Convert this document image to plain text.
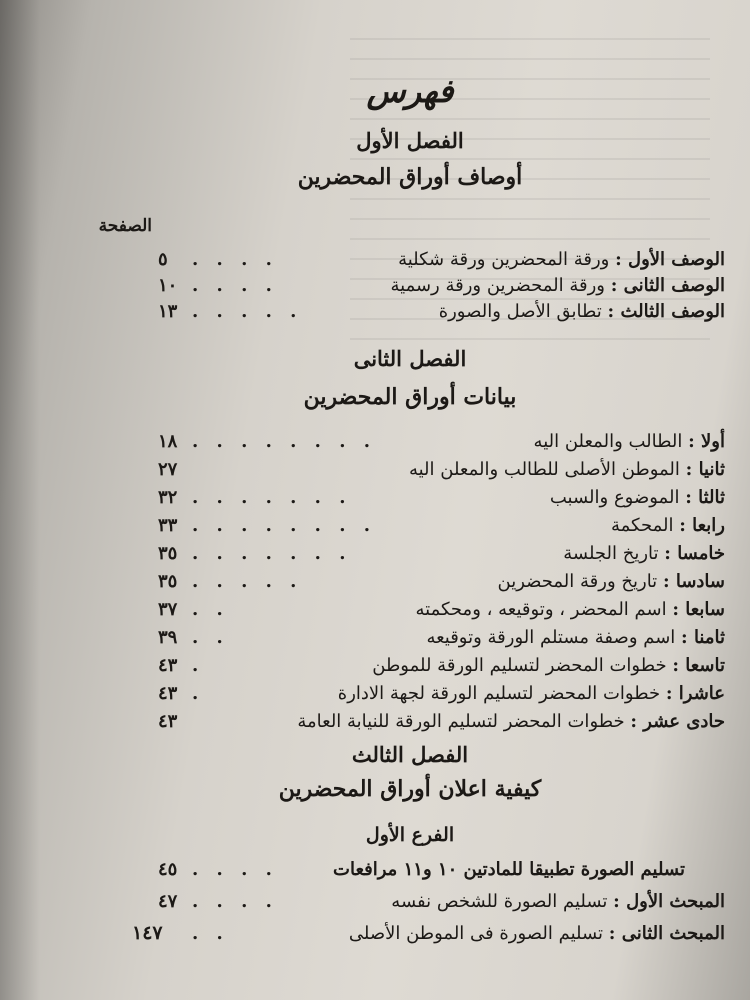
فهرس
الفصل الأول
أوصاف أوراق المحضرين
الصفحة
الوصف الأول : ورقة المحضرين ورقة شكلية
. . . .
٥
الوصف الثانى : ورقة المحضرين ورقة رسمية
. . . .
١٠
الوصف الثالث : تطابق الأصل والصورة
. . . . .
١٣
الفصل الثانى
بيانات أوراق المحضرين
أولا : الطالب والمعلن اليه
. . . . . . . .
١٨
ثانيا : الموطن الأصلى للطالب والمعلن اليه
٢٧
ثالثا : الموضوع والسبب
. . . . . . .
٣٢
رابعا : المحكمة
. . . . . . . .
٣٣
خامسا : تاريخ الجلسة
. . . . . . .
٣٥
سادسا : تاريخ ورقة المحضرين
. . . . .
٣٥
سابعا : اسم المحضر ، وتوقيعه ، ومحكمته
. .
٣٧
ثامنا : اسم وصفة مستلم الورقة وتوقيعه
. .
٣٩
تاسعا : خطوات المحضر لتسليم الورقة للموطن
.
٤٣
عاشرا : خطوات المحضر لتسليم الورقة لجهة الادارة
.
٤٣
حادى عشر : خطوات المحضر لتسليم الورقة للنيابة العامة
٤٣
الفصل الثالث
كيفية اعلان أوراق المحضرين
الفرع الأول
تسليم الصورة تطبيقا للمادتين ١٠ و١١ مرافعات
. . . .
٤٥
المبحث الأول : تسليم الصورة للشخص نفسه
. . . .
٤٧
المبحث الثانى : تسليم الصورة فى الموطن الأصلى
. .
١٤٧
